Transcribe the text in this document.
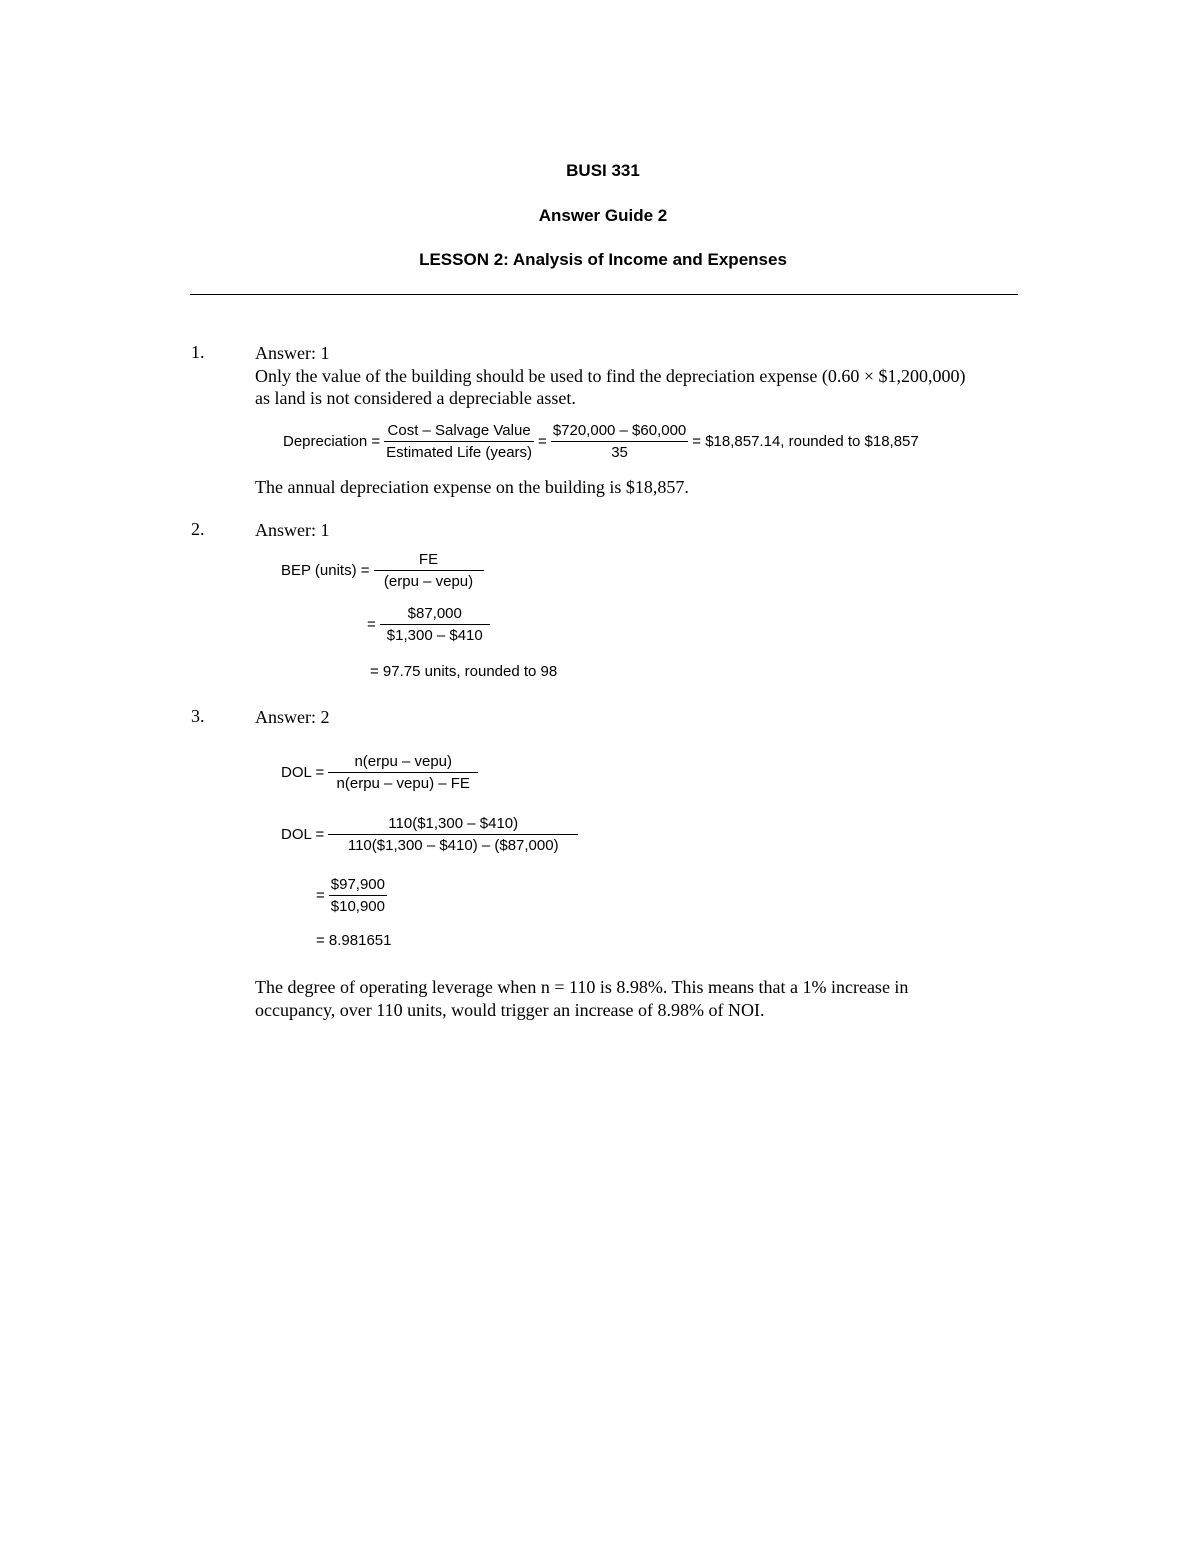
BUSI 331
Answer Guide 2
LESSON 2: Analysis of Income and Expenses
1.	Answer: 1
Only the value of the building should be used to find the depreciation expense (0.60 × $1,200,000)
as land is not considered a depreciable asset.
Depreciation = $\frac{\text{Cost – Salvage Value}}{\text{Estimated Life (years)}} = \frac{\$720,000 - \$60,000}{35}$ = $18,857.14, rounded to $18,857
The annual depreciation expense on the building is $18,857.
2.	Answer: 1
BEP (units) = $\frac{FE}{\text{(erpu – vepu)}}$
= $\frac{\$87,000}{\$1,300 - \$410}$
= 97.75 units, rounded to 98
3.	Answer: 2
DOL = $\frac{\text{n(erpu – vepu)}}{\text{n(erpu – vepu) – FE}}$
DOL = $\frac{110(\$1,300 - \$410)}{110(\$1,300 - \$410) - (\$87,000)}$
= $\frac{\$97,900}{\$10,900}$
= 8.981651
The degree of operating leverage when n = 110 is 8.98%. This means that a 1% increase in
occupancy, over 110 units, would trigger an increase of 8.98% of NOI.
